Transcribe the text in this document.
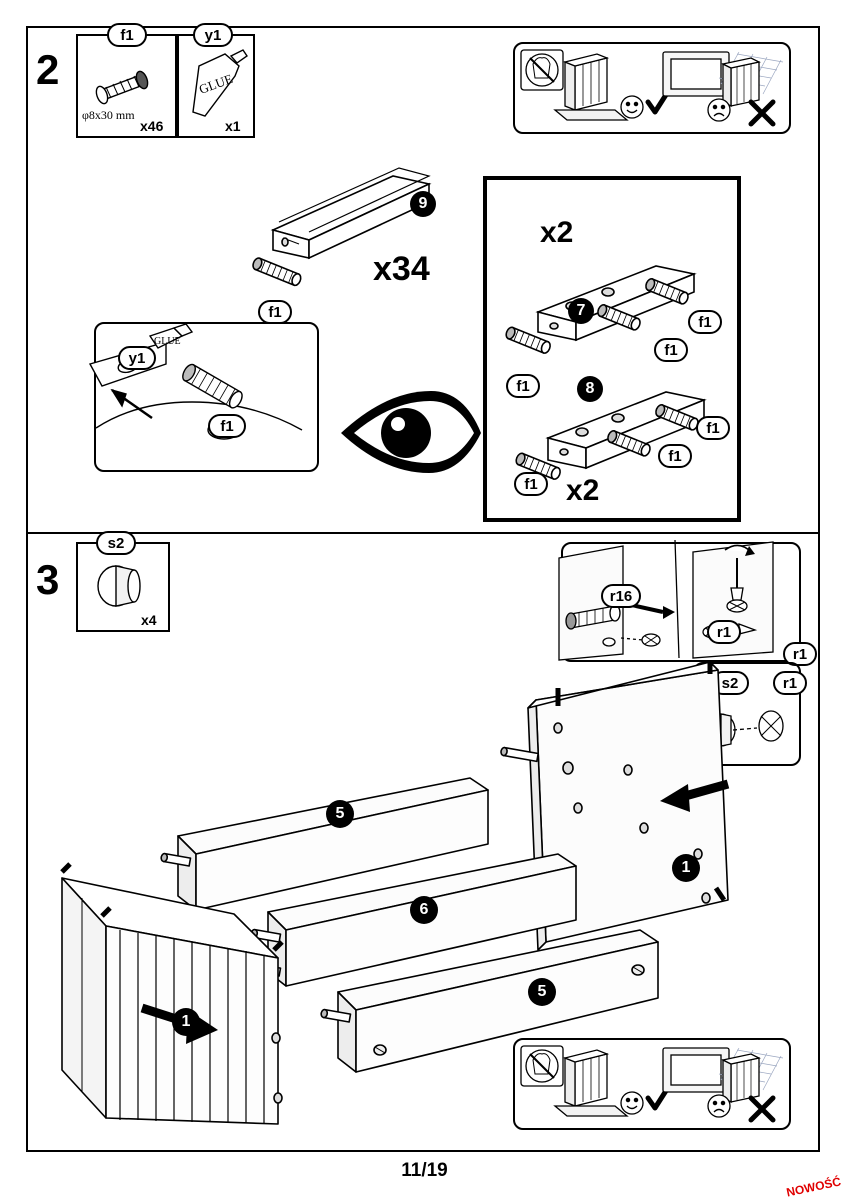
2
f1
φ8x30 mm
x46
GLUE
y1
x1
9
x34
f1
GLUE
y1
f1
x2
7
f1
f1
f1	8
f1
f1
f1 x2
3
s2
x4
r16
r1
r1
s2	r1
5
6
5
1
1
11/19
NOWOŚĆ
